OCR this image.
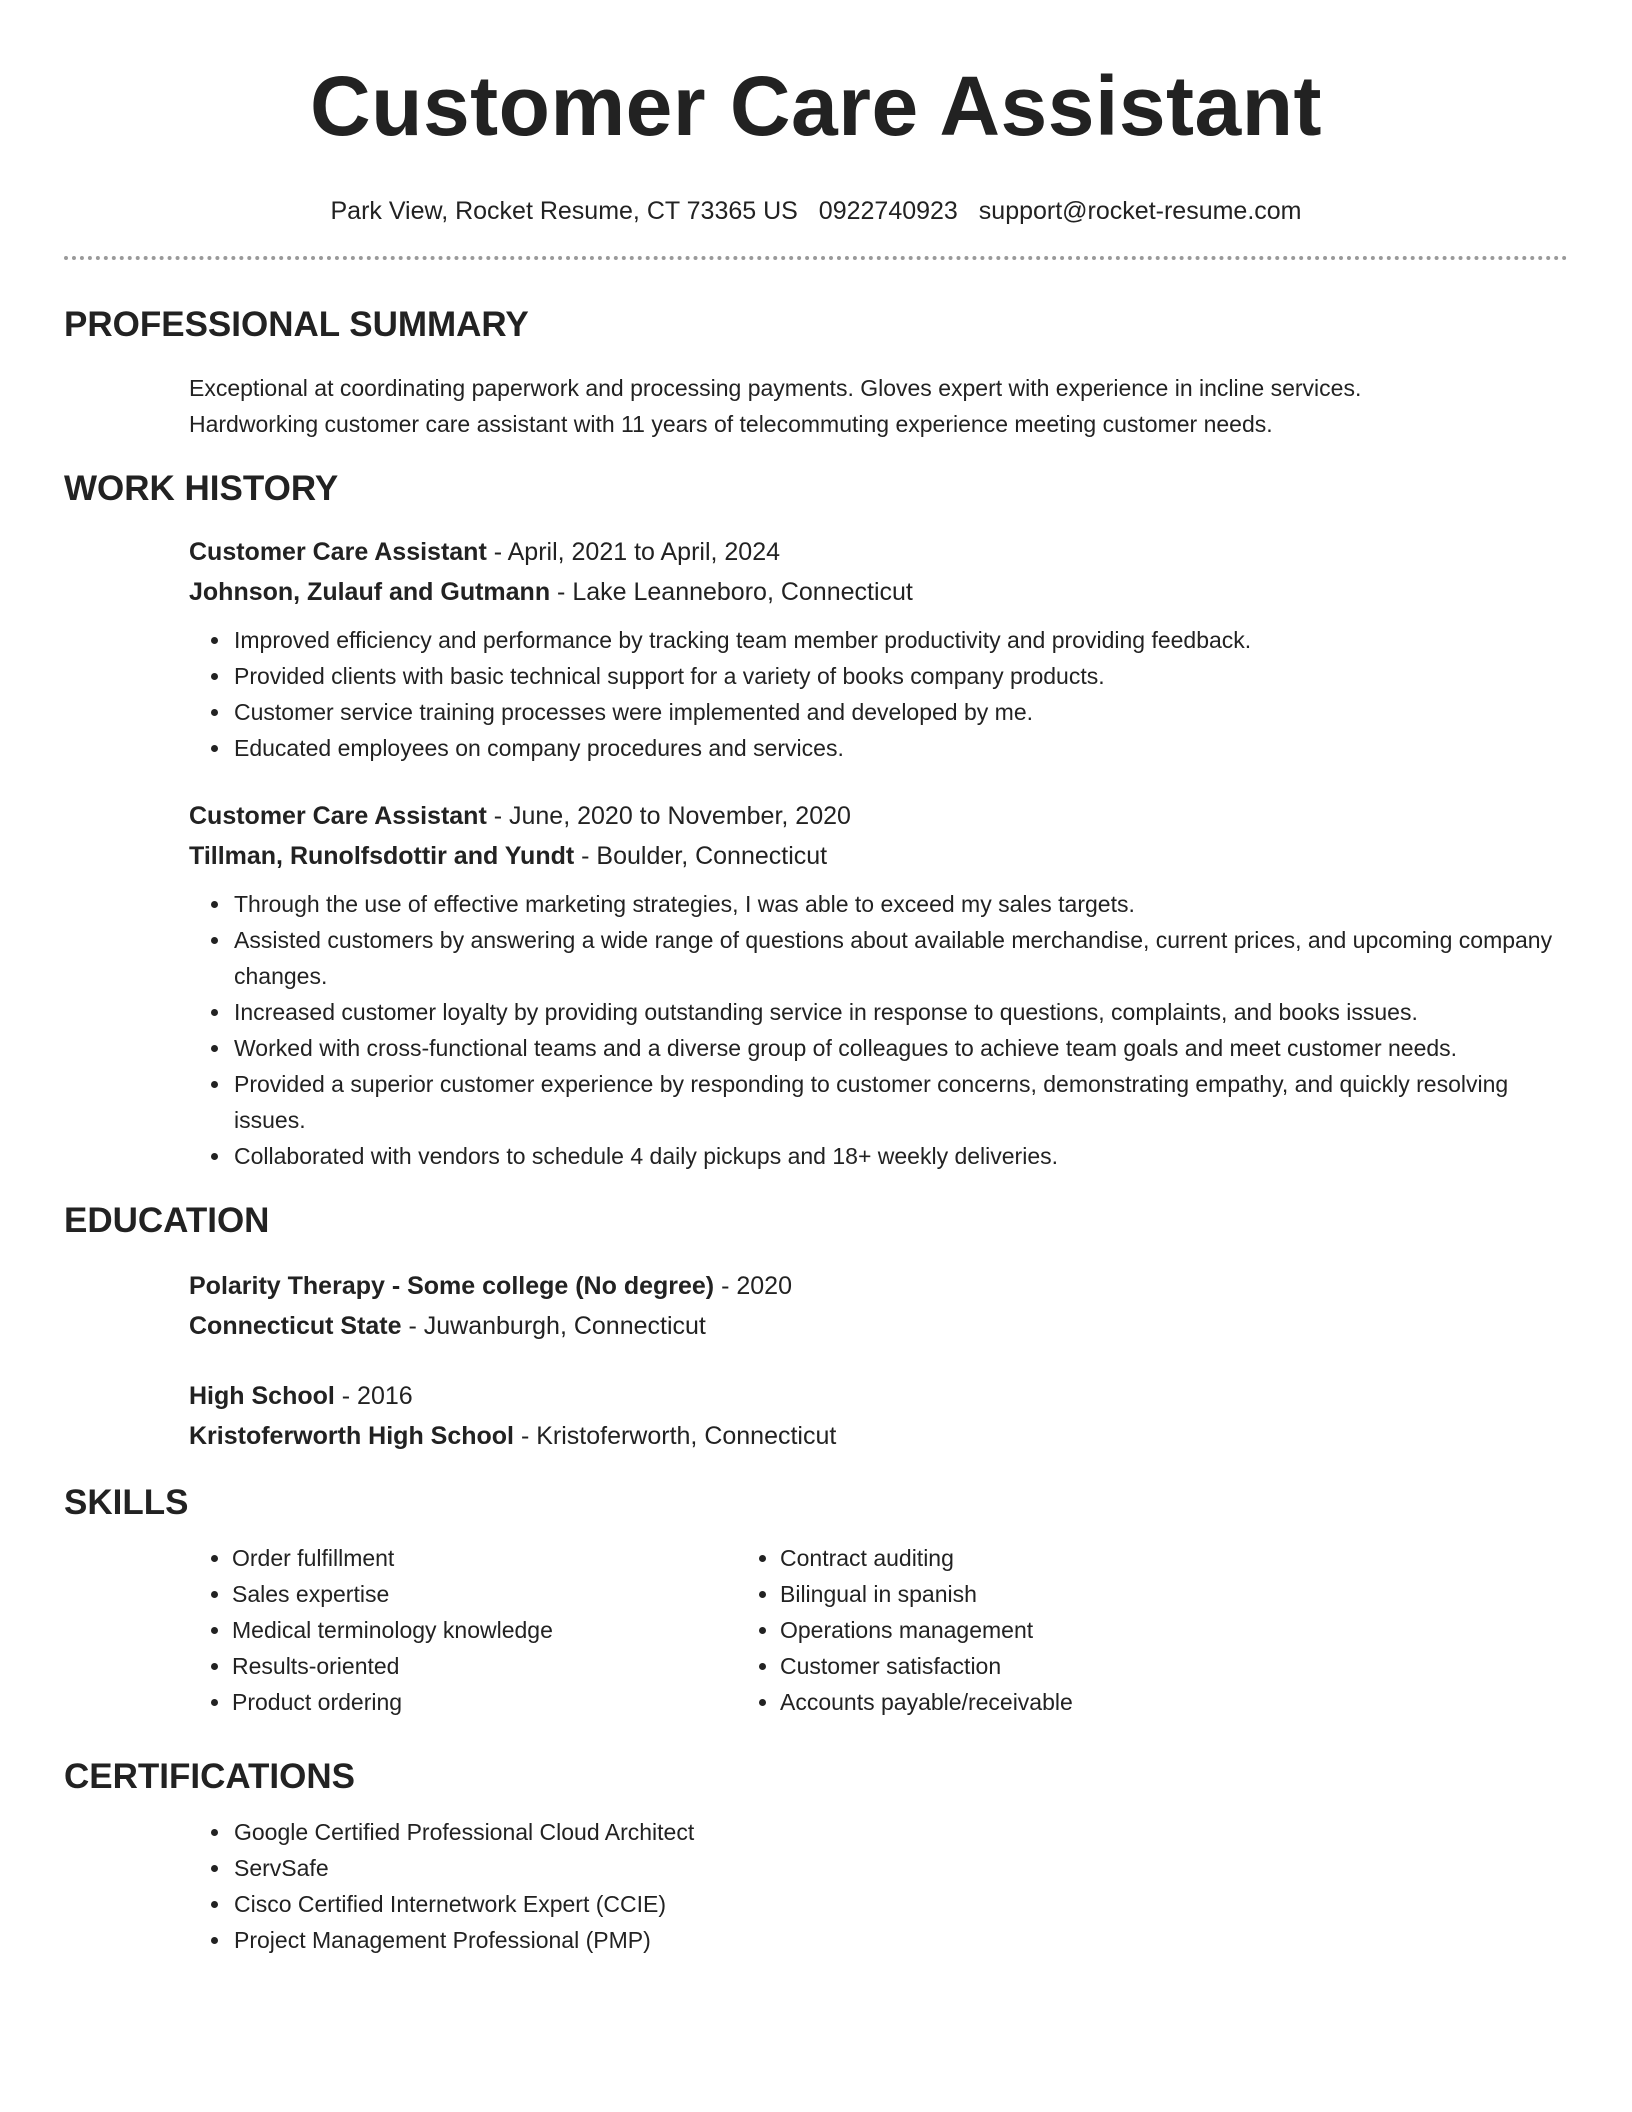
Customer Care Assistant
Park View, Rocket Resume, CT 73365 US 0922740923 support@rocket-resume.com
PROFESSIONAL SUMMARY
Exceptional at coordinating paperwork and processing payments. Gloves expert with experience in incline services.
Hardworking customer care assistant with 11 years of telecommuting experience meeting customer needs.
WORK HISTORY
Customer Care Assistant - April, 2021 to April, 2024
Johnson, Zulauf and Gutmann - Lake Leanneboro, Connecticut
• Improved efficiency and performance by tracking team member productivity and providing feedback.
• Provided clients with basic technical support for a variety of books company products.
• Customer service training processes were implemented and developed by me.
• Educated employees on company procedures and services.
Customer Care Assistant - June, 2020 to November, 2020
Tillman, Runolfsdottir and Yundt - Boulder, Connecticut
• Through the use of effective marketing strategies, I was able to exceed my sales targets.
• Assisted customers by answering a wide range of questions about available merchandise, current prices, and upcoming company changes.
• Increased customer loyalty by providing outstanding service in response to questions, complaints, and books issues.
• Worked with cross-functional teams and a diverse group of colleagues to achieve team goals and meet customer needs.
• Provided a superior customer experience by responding to customer concerns, demonstrating empathy, and quickly resolving issues.
• Collaborated with vendors to schedule 4 daily pickups and 18+ weekly deliveries.
EDUCATION
Polarity Therapy - Some college (No degree) - 2020
Connecticut State - Juwanburgh, Connecticut
High School - 2016
Kristoferworth High School - Kristoferworth, Connecticut
SKILLS
• Order fulfillment
• Sales expertise
• Medical terminology knowledge
• Results-oriented
• Product ordering
• Contract auditing
• Bilingual in spanish
• Operations management
• Customer satisfaction
• Accounts payable/receivable
CERTIFICATIONS
• Google Certified Professional Cloud Architect
• ServSafe
• Cisco Certified Internetwork Expert (CCIE)
• Project Management Professional (PMP)
